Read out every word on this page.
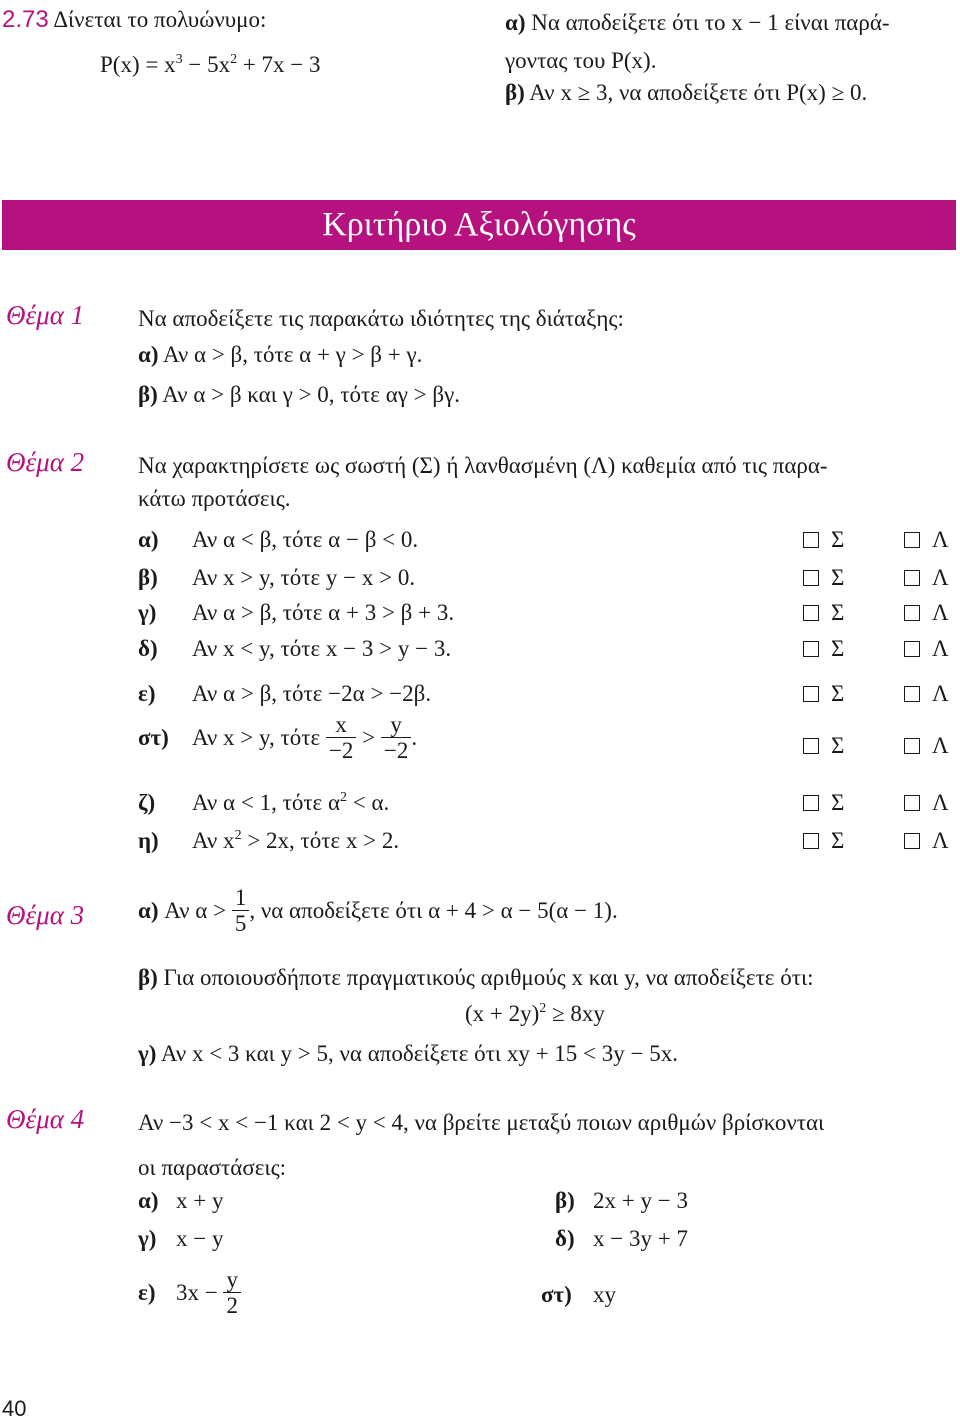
2.73 Δίνεται το πολυώνυμο:
$P(x) = x^3 - 5x^2 + 7x - 3$
α) Να αποδείξετε ότι το x − 1 είναι παρά-
γοντας του P(x).
β) Αν x ≥ 3, να αποδείξετε ότι P(x) ≥ 0.
Κριτήριο Αξιολόγησης
Θέμα 1 Να αποδείξετε τις παρακάτω ιδιότητες της διάταξης:
α) Αν α > β, τότε α + γ > β + γ.
β) Αν α > β και γ > 0, τότε αγ > βγ.
Θέμα 2 Να χαρακτηρίσετε ως σωστή (Σ) ή λανθασμένη (Λ) καθεμία από τις παρα-
κάτω προτάσεις.
α) Αν α < β, τότε α − β < 0.	Σ	Λ
β) Αν x > y, τότε y − x > 0.	Σ	Λ
γ) Αν α > β, τότε α + 3 > β + 3.	Σ	Λ
δ) Αν x < y, τότε x − 3 > y − 3.	Σ	Λ
ε) Αν α > β, τότε −2α > −2β.	Σ	Λ
στ) Αν x > y, τότε $\frac{x}{-2} > \frac{y}{-2}$ .	Σ	Λ
ζ) Αν α < 1, τότε $\alpha^2 < \alpha$.	Σ	Λ
η) Αν $x^2 > 2x$, τότε x > 2.	Σ	Λ
Θέμα 3 α) Αν $\alpha > \frac{1}{5}$ , να αποδείξετε ότι α + 4 > α − 5(α − 1).
β) Για οποιουσδήποτε πραγματικούς αριθμούς x και y, να αποδείξετε ότι:
$(x + 2y)^2 \ge 8xy$
γ) Αν x < 3 και y > 5, να αποδείξετε ότι xy + 15 < 3y − 5x.
Θέμα 4 Αν −3 < x < −1 και 2 < y < 4, να βρείτε μεταξύ ποιων αριθμών βρίσκονται
οι παραστάσεις:
α) x + y	β) 2x + y − 3
γ) x − y	δ) x − 3y + 7
ε) $3x - \frac{y}{2}$	στ) xy
40
